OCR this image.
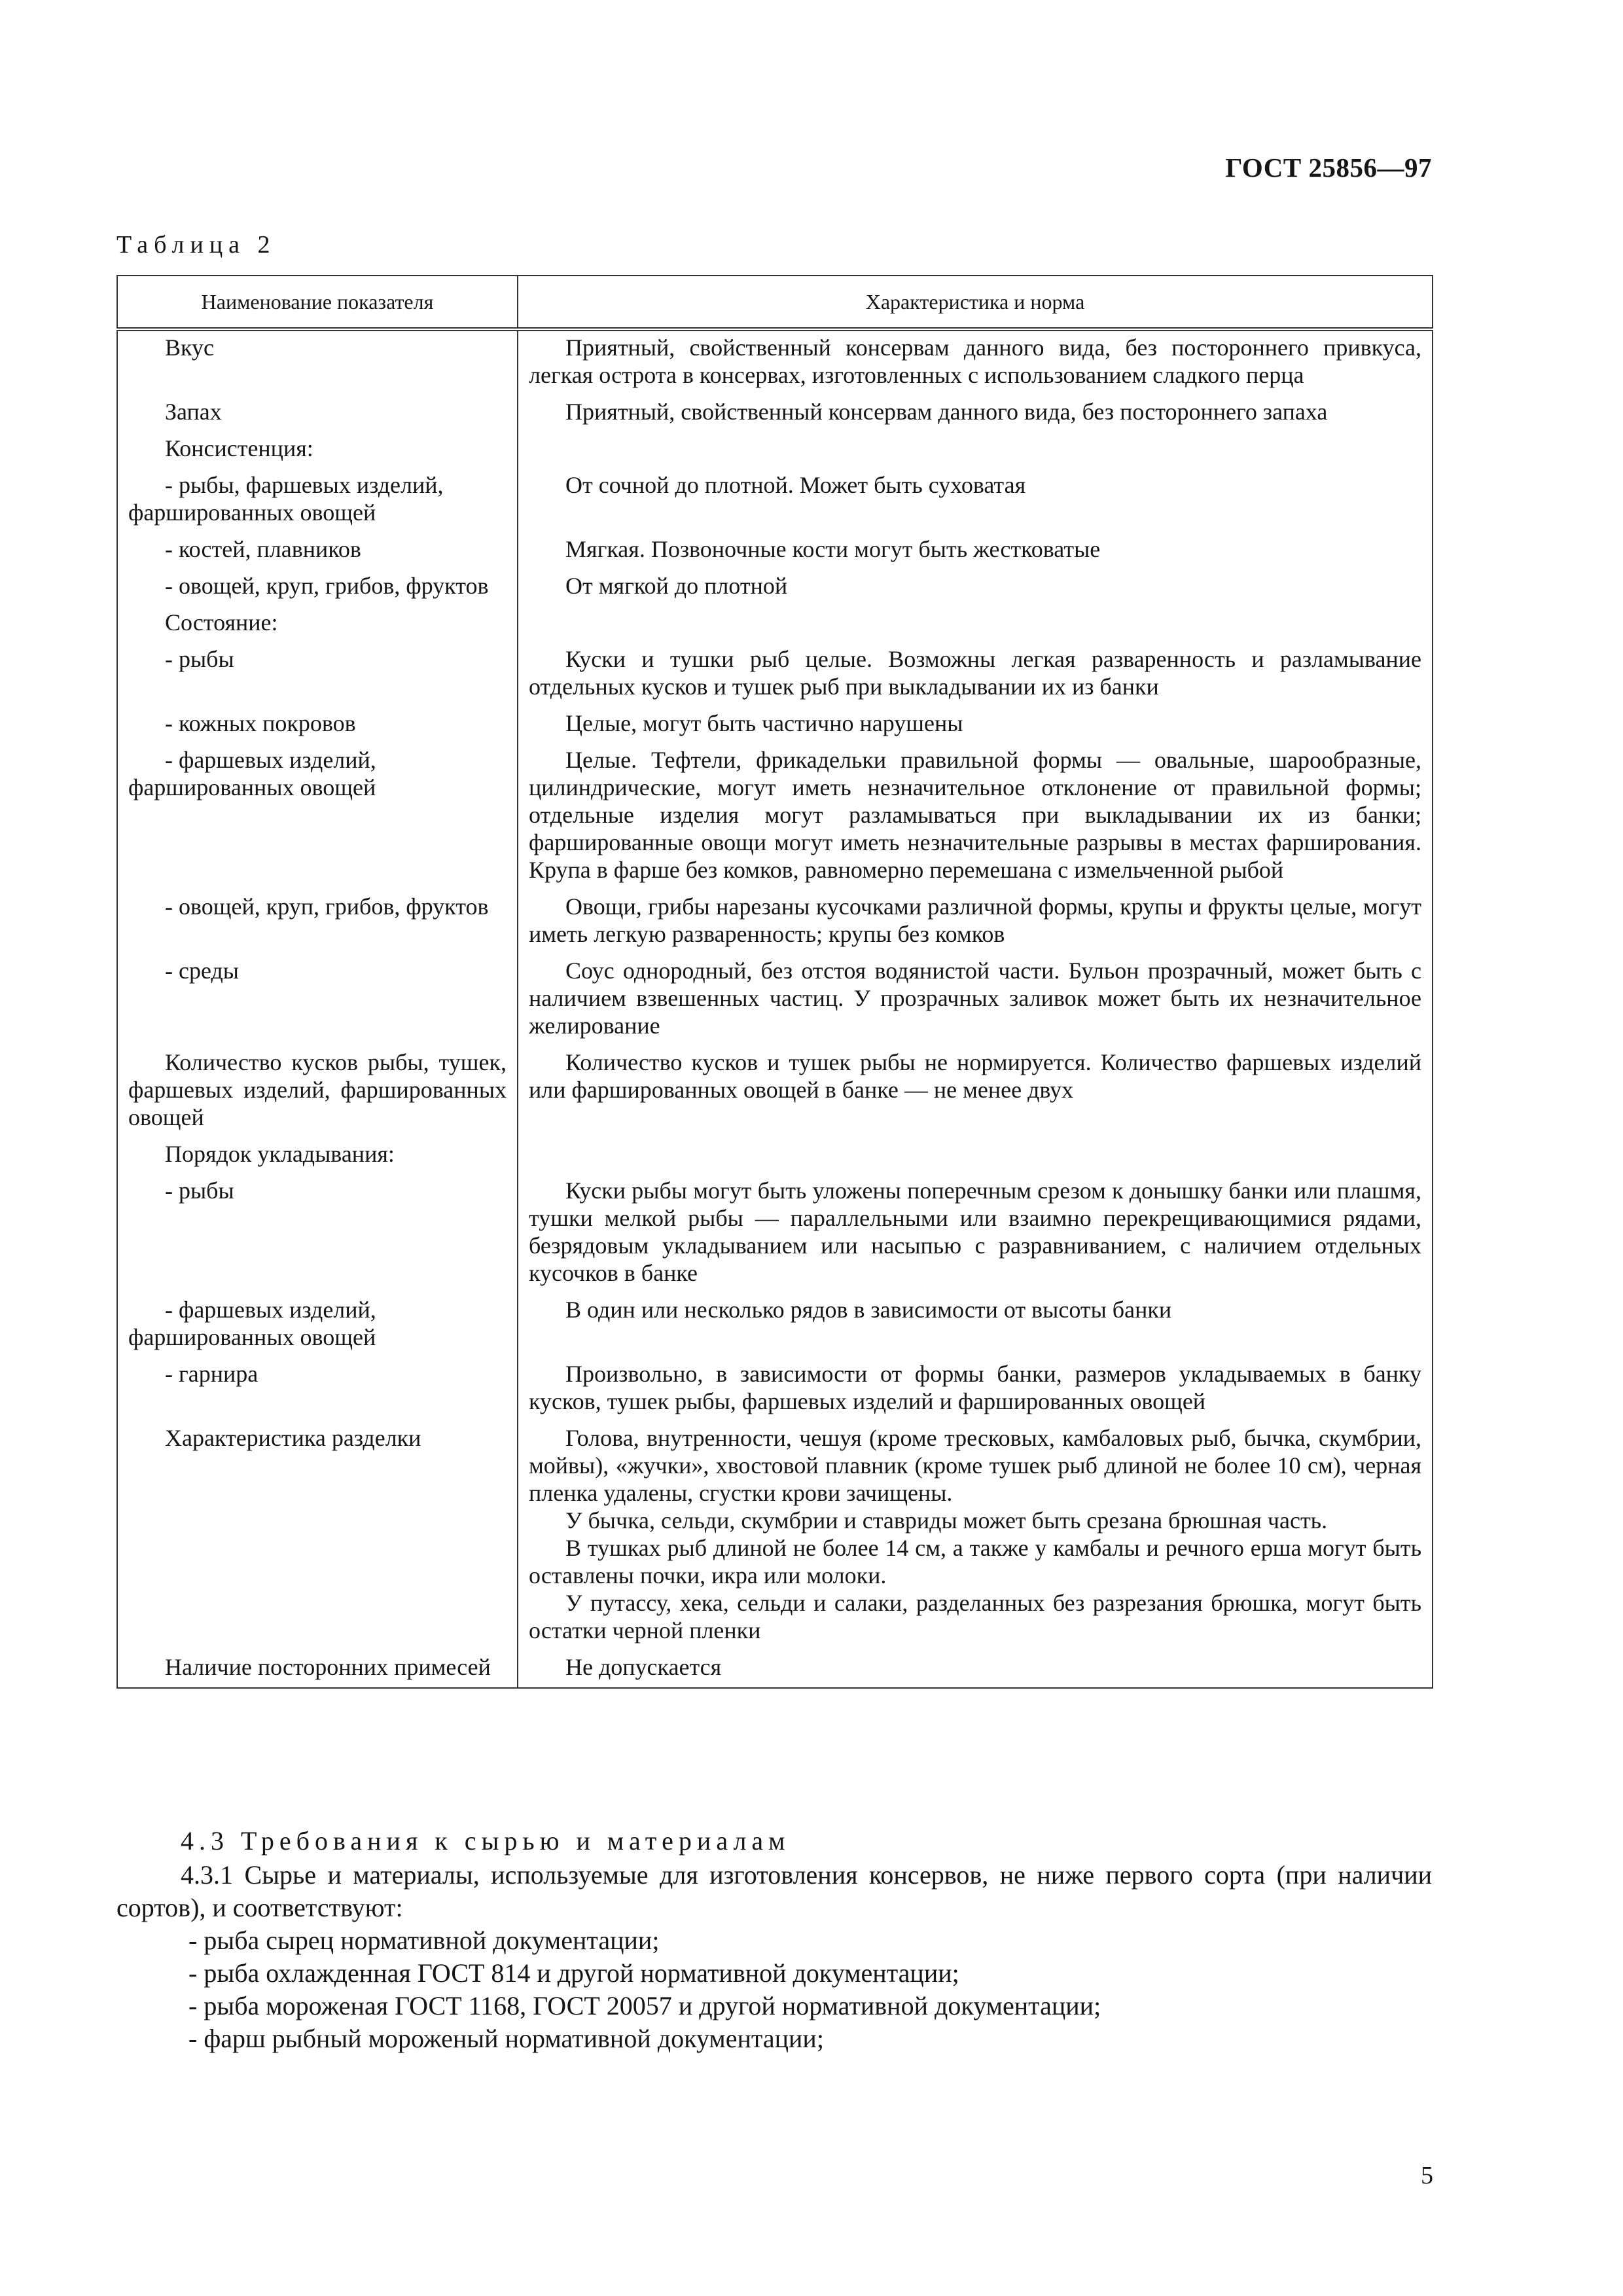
ГОСТ 25856—97
Таблица 2
Наименование показателя	Характеристика и норма
Вкус	Приятный, свойственный консервам данного вида, без постороннего привкуса, легкая острота в консервах, изготовленных с использованием сладкого перца
Запах	Приятный, свойственный консервам данного вида, без постороннего запаха
Консистенция:	
- рыбы, фаршевых изделий, фаршированных овощей	От сочной до плотной. Может быть суховатая
- костей, плавников	Мягкая. Позвоночные кости могут быть жестковатые
- овощей, круп, грибов, фруктов	От мягкой до плотной
Состояние:	
- рыбы	Куски и тушки рыб целые. Возможны легкая разваренность и разламывание отдельных кусков и тушек рыб при выкладывании их из банки
- кожных покровов	Целые, могут быть частично нарушены
- фаршевых изделий, фаршированных овощей	Целые. Тефтели, фрикадельки правильной формы — овальные, шарообразные, цилиндрические, могут иметь незначительное отклонение от правильной формы; отдельные изделия могут разламываться при выкладывании их из банки; фаршированные овощи могут иметь незначительные разрывы в местах фарширования. Крупа в фарше без комков, равномерно перемешана с измельченной рыбой
- овощей, круп, грибов, фруктов	Овощи, грибы нарезаны кусочками различной формы, крупы и фрукты целые, могут иметь легкую разваренность; крупы без комков
- среды	Соус однородный, без отстоя водянистой части. Бульон прозрачный, может быть с наличием взвешенных частиц. У прозрачных заливок может быть их незначительное желирование
Количество кусков рыбы, тушек, фаршевых изделий, фаршированных овощей	Количество кусков и тушек рыбы не нормируется. Количество фаршевых изделий или фаршированных овощей в банке — не менее двух
Порядок укладывания:	
- рыбы	Куски рыбы могут быть уложены поперечным срезом к донышку банки или плашмя, тушки мелкой рыбы — параллельными или взаимно перекрещивающимися рядами, безрядовым укладыванием или насыпью с разравниванием, с наличием отдельных кусочков в банке
- фаршевых изделий, фаршированных овощей	В один или несколько рядов в зависимости от высоты банки
- гарнира	Произвольно, в зависимости от формы банки, размеров укладываемых в банку кусков, тушек рыбы, фаршевых изделий и фаршированных овощей
Характеристика разделки	Голова, внутренности, чешуя (кроме тресковых, камбаловых рыб, бычка, скумбрии, мойвы), «жучки», хвостовой плавник (кроме тушек рыб длиной не более 10 см), черная пленка удалены, сгустки крови зачищены.

У бычка, сельди, скумбрии и ставриды может быть срезана брюшная часть.

В тушках рыб длиной не более 14 см, а также у камбалы и речного ерша могут быть оставлены почки, икра или молоки.

У путассу, хека, сельди и салаки, разделанных без разрезания брюшка, могут быть остатки черной пленки

Наличие посторонних примесей	Не допускается
4.3 Требования к сырью и материалам
4.3.1 Сырье и материалы, используемые для изготовления консервов, не ниже первого сорта (при наличии сортов), и соответствуют:
- рыба сырец нормативной документации;
- рыба охлажденная ГОСТ 814 и другой нормативной документации;
- рыба мороженая ГОСТ 1168, ГОСТ 20057 и другой нормативной документации;
- фарш рыбный мороженый нормативной документации;
5
